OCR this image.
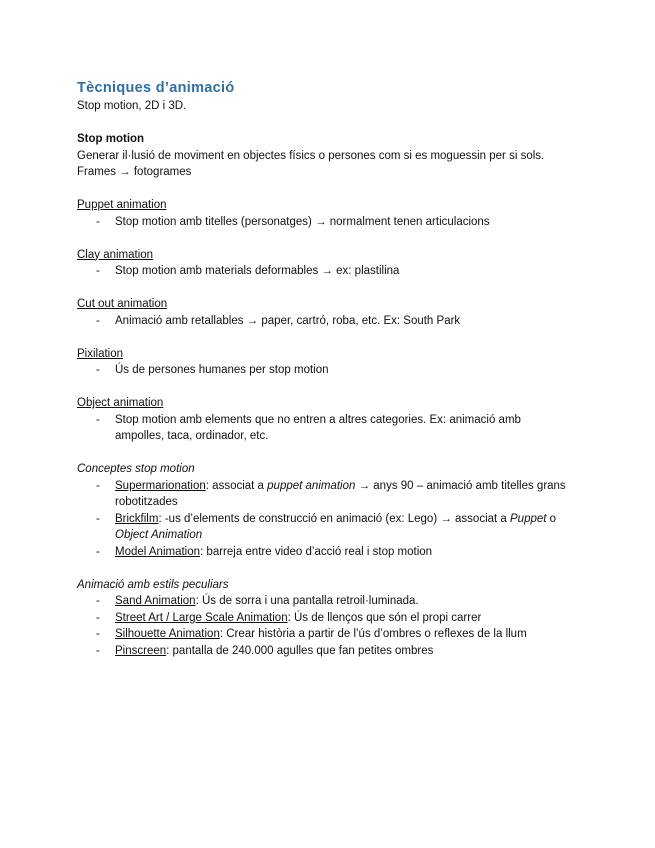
Tècniques d’animació

Stop motion, 2D i 3D.

Stop motion

Generar il·lusió de moviment en objectes físics o persones com si es moguessin per si sols.

Frames → fotogrames

Puppet animation

- Stop motion amb titelles (personatges) → normalment tenen articulacions

Clay animation

- Stop motion amb materials deformables → ex: plastilina

Cut out animation

- Animació amb retallables → paper, cartró, roba, etc. Ex: South Park

Pixilation

- Ús de persones humanes per stop motion

Object animation

- Stop motion amb elements que no entren a altres categories. Ex: animació amb
ampolles, taca, ordinador, etc.

Conceptes stop motion

- Supermarionation: associat a puppet animation → anys 90 – animació amb titelles grans
robotitzades
- Brickfilm: -us d’elements de construcció en animació (ex: Lego) → associat a Puppet o
Object Animation
- Model Animation: barreja entre video d’acció real i stop motion

Animació amb estils peculiars

- Sand Animation: Ús de sorra i una pantalla retroil·luminada.
- Street Art / Large Scale Animation: Ús de llenços que són el propi carrer
- Silhouette Animation: Crear història a partir de l’ús d’ombres o reflexes de la llum
- Pinscreen: pantalla de 240.000 agulles que fan petites ombres
